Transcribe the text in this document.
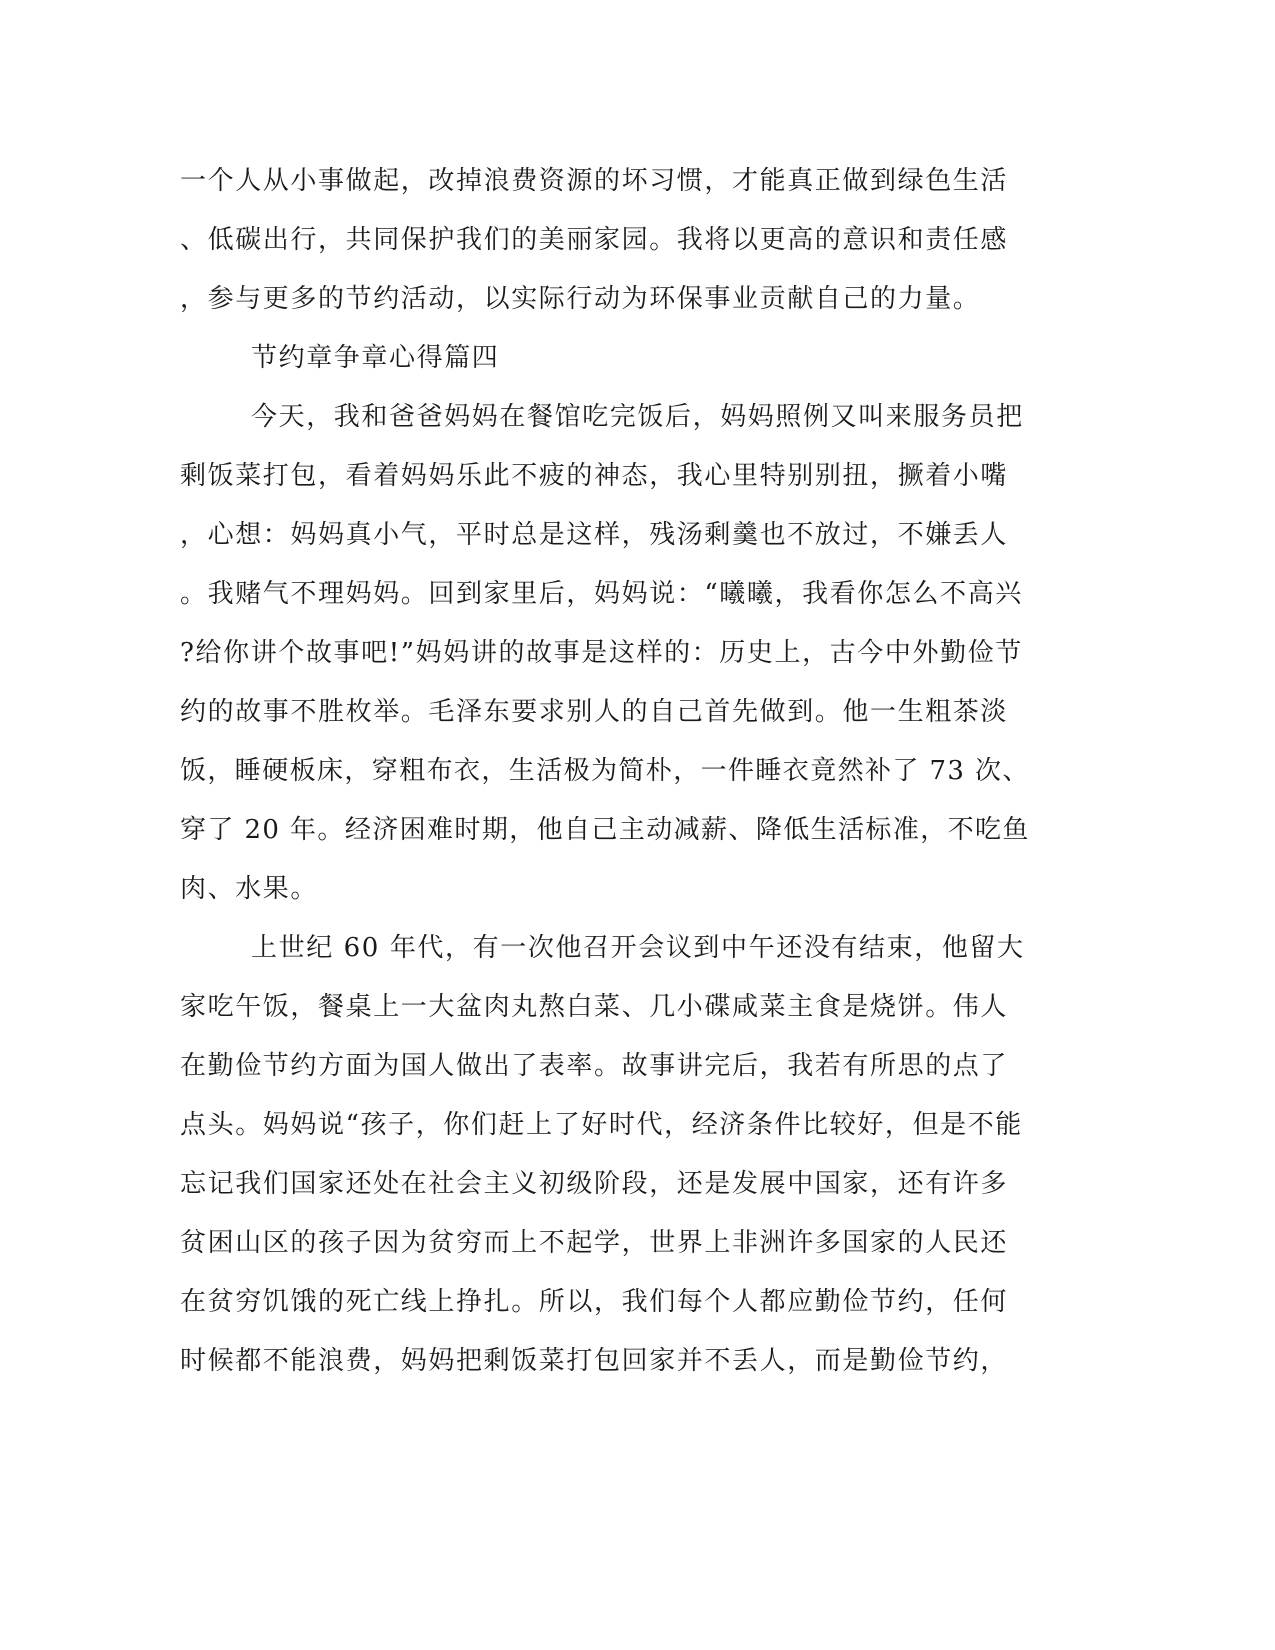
一个人从小事做起，改掉浪费资源的坏习惯，才能真正做到绿色生活
、低碳出行，共同保护我们的美丽家园。我将以更高的意识和责任感
，参与更多的节约活动，以实际行动为环保事业贡献自己的力量。
节约章争章心得篇四
今天，我和爸爸妈妈在餐馆吃完饭后，妈妈照例又叫来服务员把
剩饭菜打包，看着妈妈乐此不疲的神态，我心里特别别扭，撅着小嘴
，心想：妈妈真小气，平时总是这样，残汤剩羹也不放过，不嫌丢人
。我赌气不理妈妈。回到家里后，妈妈说：“曦曦，我看你怎么不高兴
?给你讲个故事吧!”妈妈讲的故事是这样的：历史上，古今中外勤俭节
约的故事不胜枚举。毛泽东要求别人的自己首先做到。他一生粗茶淡
饭，睡硬板床，穿粗布衣，生活极为简朴，一件睡衣竟然补了 73 次、
穿了 20 年。经济困难时期，他自己主动减薪、降低生活标准，不吃鱼
肉、水果。
上世纪 60 年代，有一次他召开会议到中午还没有结束，他留大
家吃午饭，餐桌上一大盆肉丸熬白菜、几小碟咸菜主食是烧饼。伟人
在勤俭节约方面为国人做出了表率。故事讲完后，我若有所思的点了
点头。妈妈说“孩子，你们赶上了好时代，经济条件比较好，但是不能
忘记我们国家还处在社会主义初级阶段，还是发展中国家，还有许多
贫困山区的孩子因为贫穷而上不起学，世界上非洲许多国家的人民还
在贫穷饥饿的死亡线上挣扎。所以，我们每个人都应勤俭节约，任何
时候都不能浪费，妈妈把剩饭菜打包回家并不丢人，而是勤俭节约，
